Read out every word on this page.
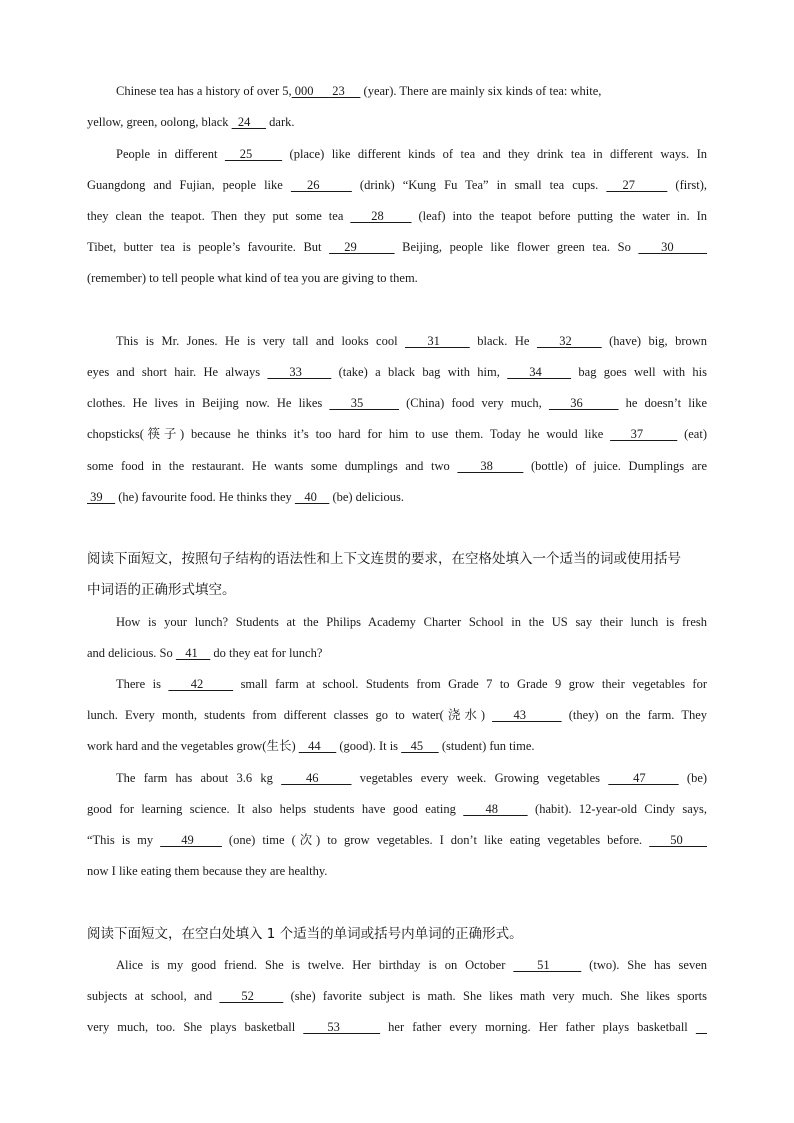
Chinese tea has a history of over 5, 000      23      (year). There are mainly six kinds of tea: white,
yellow, green, oolong, black   24      dark.
People in different   25     (place) like different kinds of tea and they drink tea in different ways. In
Guangdong and Fujian, people like   26     (drink) “Kung Fu Tea” in small tea cups.   27     (first),
they clean the teapot. Then they put some tea    28     (leaf) into the teapot before putting the water in. In
Tibet, butter tea is people’s favourite. But   29      Beijing, people like flower green tea. So    30
(remember) to tell people what kind of tea you are giving to them.
This is Mr. Jones. He is very tall and looks cool    31     black. He    32     (have) big, brown
eyes and short hair. He always    33     (take) a black bag with him,    34     bag goes well with his
clothes. He lives in Beijing now. He likes    35      (China) food very much,    36      he doesn’t like
chopsticks(筷子) because he thinks it’s too hard for him to use them. Today he would like    37      (eat)
some food in the restaurant. He wants some dumplings and two    38     (bottle) of juice. Dumplings are
39     (he) favourite food. He thinks they    40     (be) delicious.
阅读下面短文，按照句子结构的语法性和上下文连贯的要求，在空格处填入一个适当的词或使用括号
中词语的正确形式填空。
How is your lunch? Students at the Philips Academy Charter School in the US say their lunch is fresh
and delicious. So    41     do they eat for lunch?
There is    42     small farm at school. Students from Grade 7 to Grade 9 grow their vegetables for
lunch. Every month, students from different classes go to water(浇水)    43      (they) on the farm. They
work hard and the vegetables grow(生长)    44      (good). It is    45      (student) fun time.
The farm has about 3.6 kg    46     vegetables every week. Growing vegetables    47     (be)
good for learning science. It also helps students have good eating    48     (habit). 12-year-old Cindy says,
“This is my    49     (one) time (次) to grow vegetables. I don’t like eating vegetables before.    50
now I like eating them because they are healthy.
阅读下面短文，在空白处填入 1 个适当的单词或括号内单词的正确形式。
Alice is my good friend. She is twelve. Her birthday is on October    51     (two). She has seven
subjects at school, and    52     (she) favorite subject is math. She likes math very much. She likes sports
very much, too. She plays basketball    53      her father every morning. Her father plays basketball
